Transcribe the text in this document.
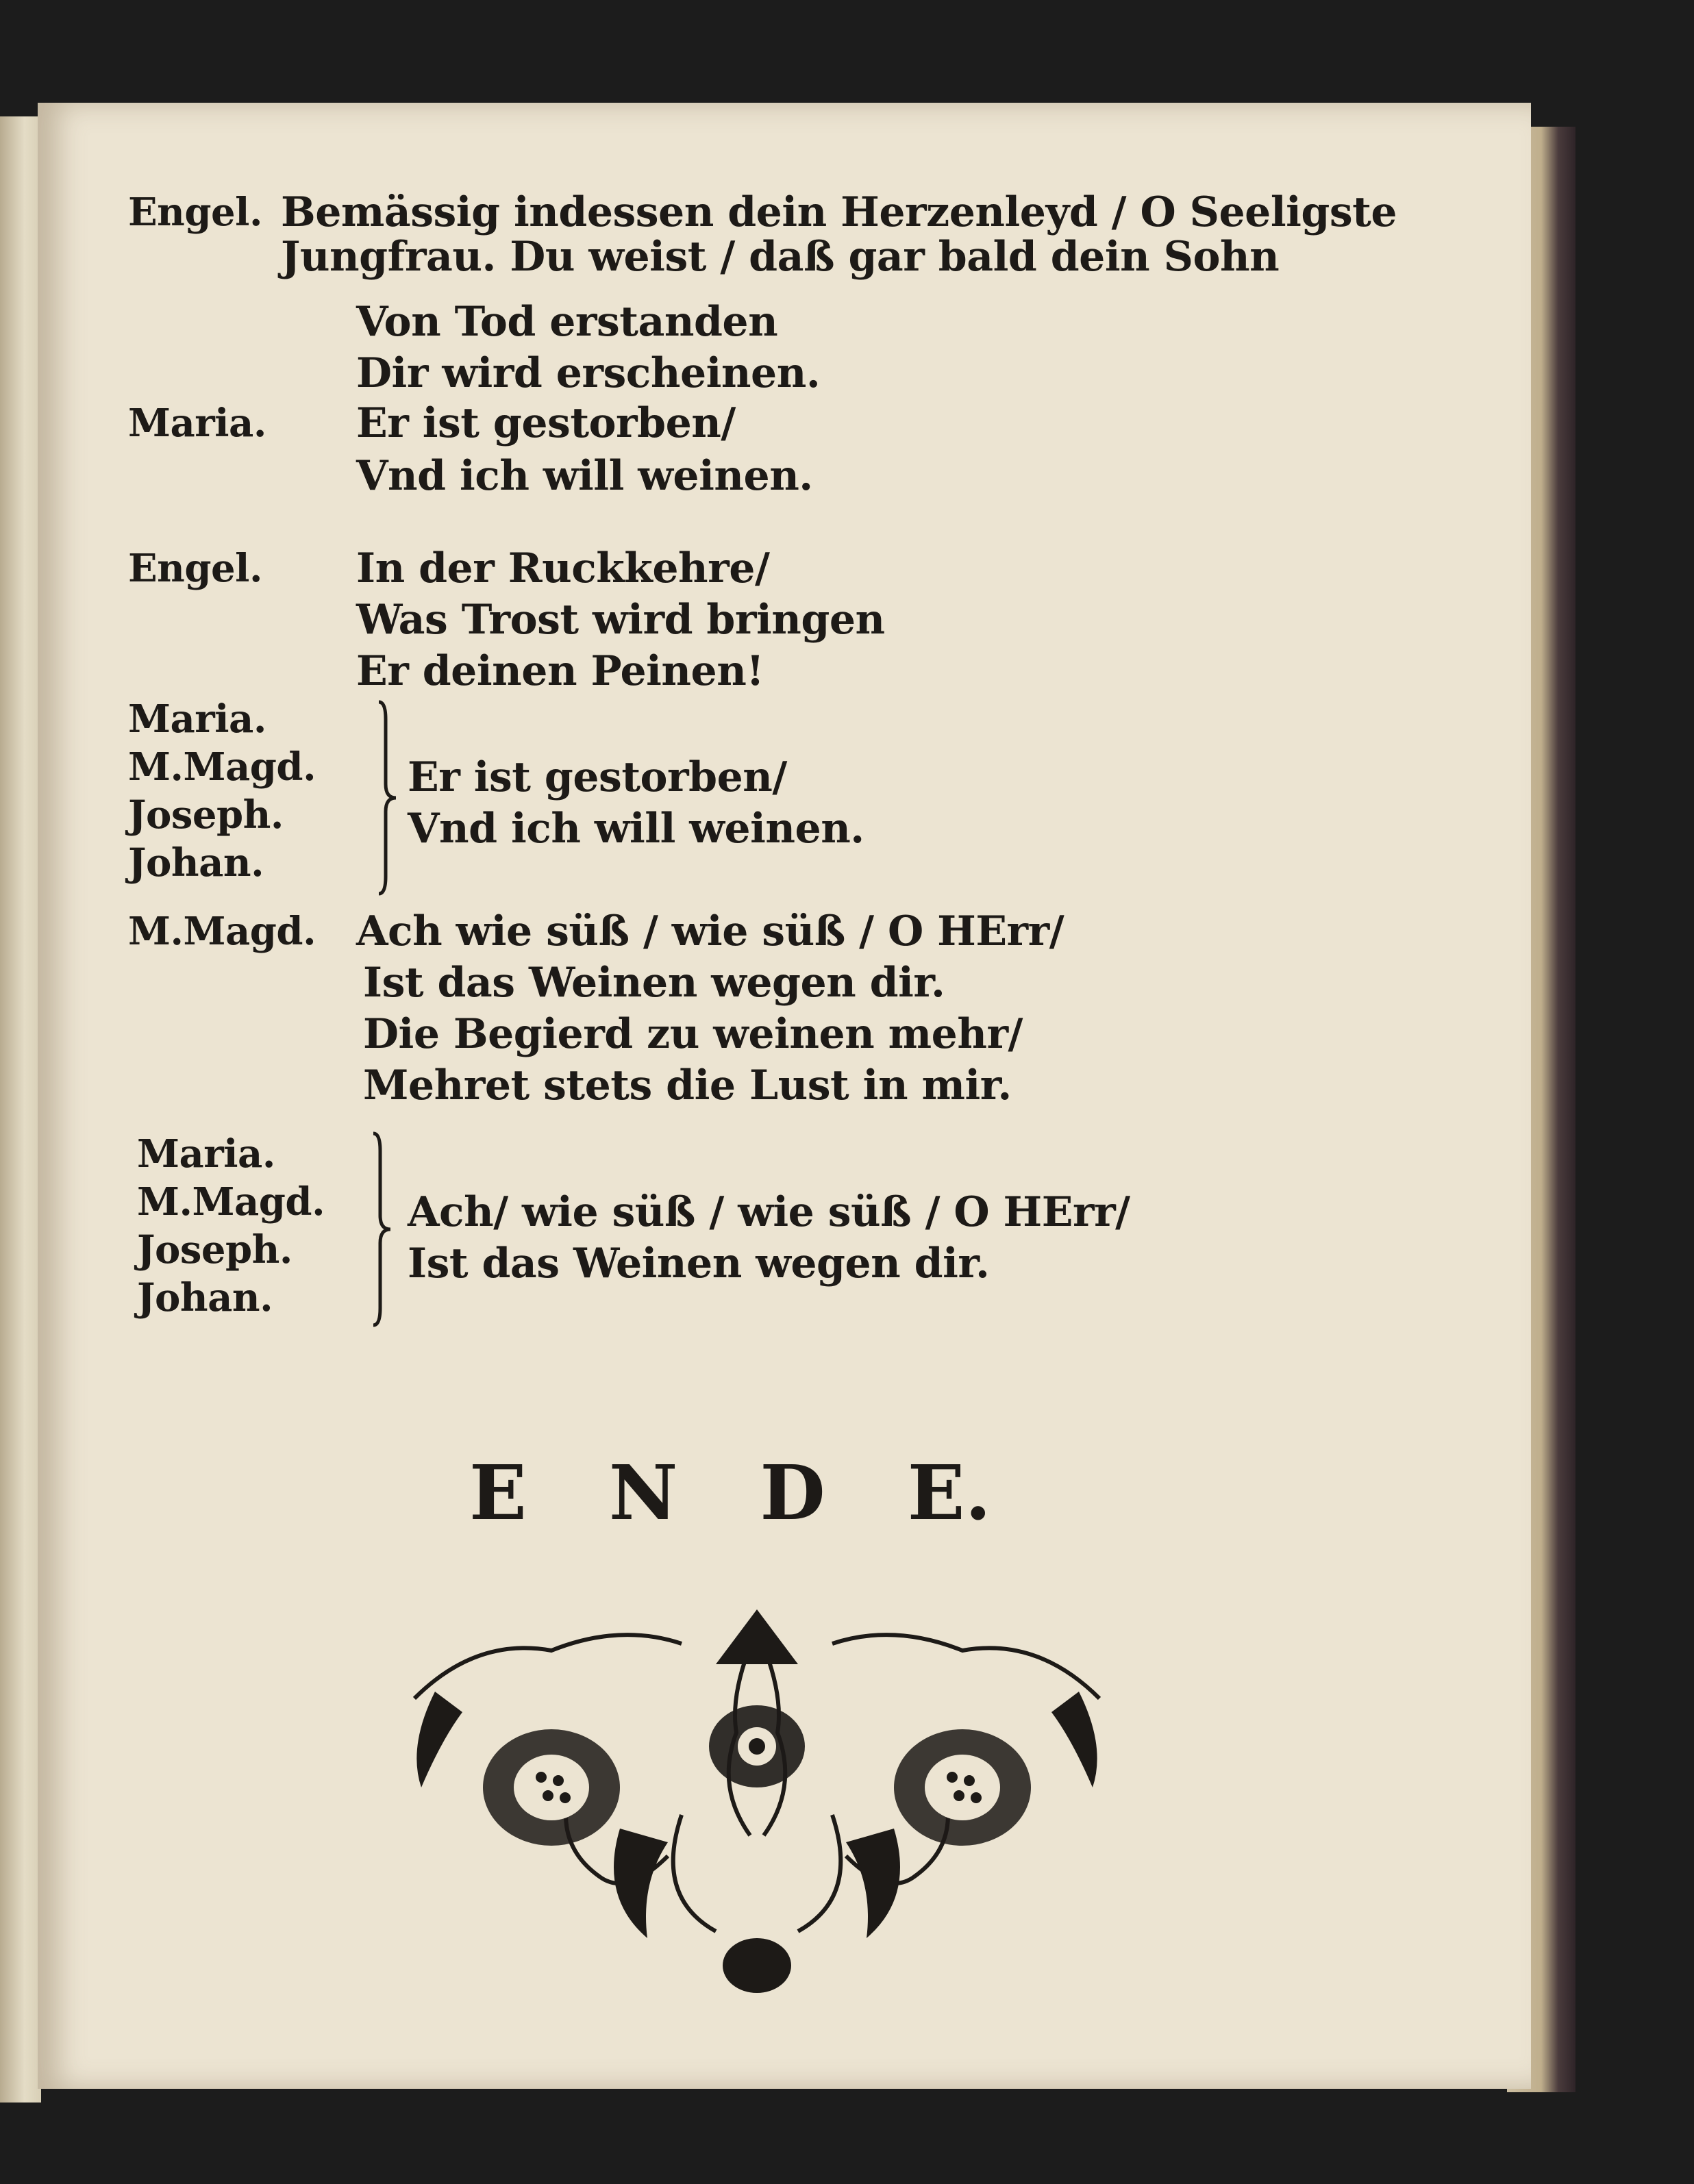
Engel. Bemässig indessen dein Herzenleyd / O Seeligste
Jungfrau. Du weist / daß gar bald dein Sohn
Von Tod erstanden
Dir wird erscheinen.
Maria. Er ist gestorben/
Vnd ich will weinen.
Engel. In der Ruckkehre/
Was Trost wird bringen
Er deinen Peinen!
Maria.
M.Magd.
Joseph.
Johan.
Er ist gestorben/
Vnd ich will weinen.
M.Magd. Ach wie süß / wie süß / O HErr/
Ist das Weinen wegen dir.
Die Begierd zu weinen mehr/
Mehret stets die Lust in mir.
Maria.
M.Magd.
Joseph.
Johan.
Ach/ wie süß / wie süß / O HErr/
Ist das Weinen wegen dir.
E N D E.
